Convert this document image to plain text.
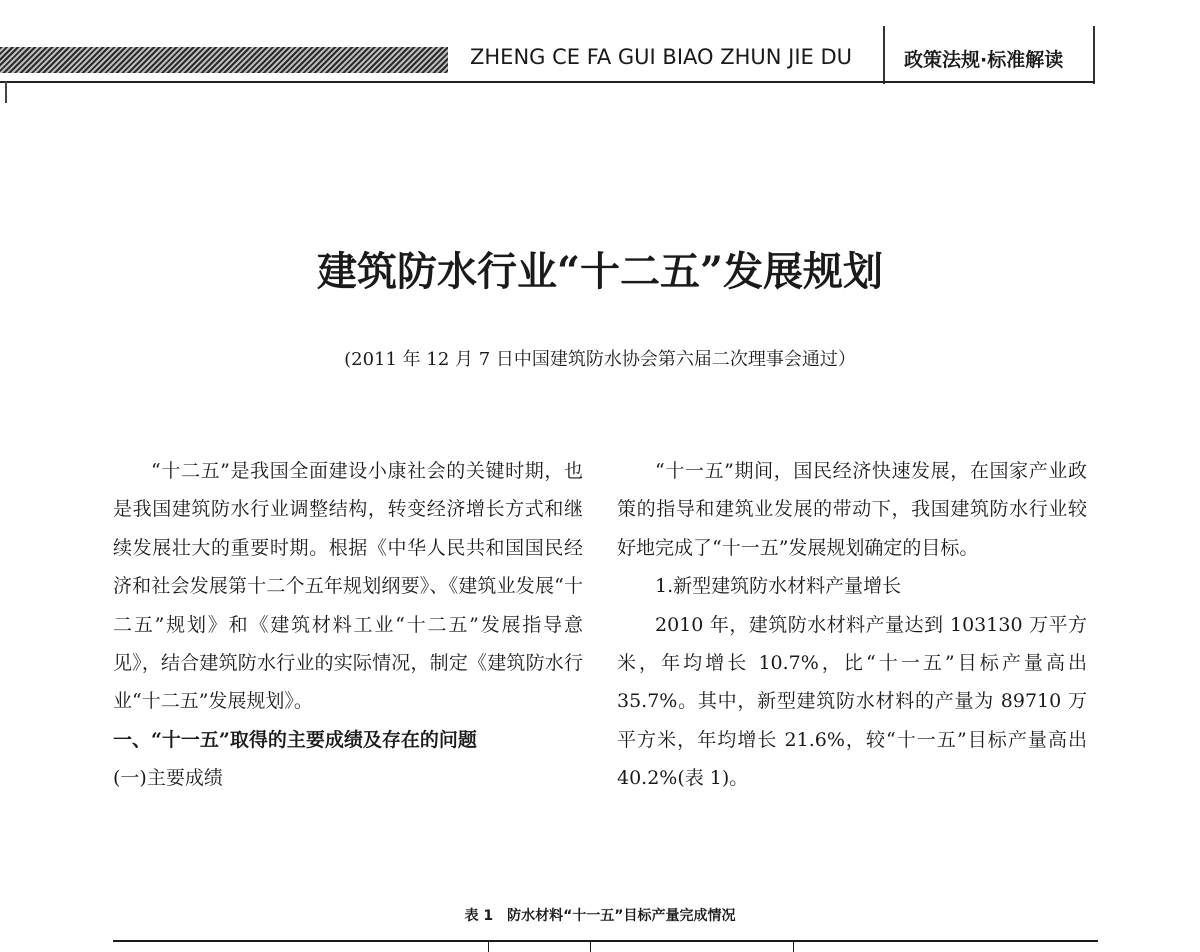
ZHENG CE FA GUI BIAO ZHUN JIE DU	政策法规·标准解读
建筑防水行业“十二五”发展规划
(2011 年 12 月 7 日中国建筑防水协会第六届二次理事会通过）

“十二五”是我国全面建设小康社会的关键时期，也是我国建筑防水行业调整结构，转变经济增长方式和继续发展壮大的重要时期。根据《中华人民共和国国民经济和社会发展第十二个五年规划纲要》、《建筑业发展“十二五”规划》和《建筑材料工业“十二五”发展指导意见》，结合建筑防水行业的实际情况，制定《建筑防水行业“十二五”发展规划》。

一、“十一五”取得的主要成绩及存在的问题

(一)主要成绩

“十一五”期间，国民经济快速发展，在国家产业政策的指导和建筑业发展的带动下，我国建筑防水行业较好地完成了“十一五”发展规划确定的目标。

1.新型建筑防水材料产量增长

2010 年，建筑防水材料产量达到 103130 万平方米，年均增长 10.7%，比“十一五”目标产量高出 35.7%。其中，新型建筑防水材料的产量为 89710 万平方米，年均增长 21.6%，较“十一五”目标产量高出 40.2%(表 1)。

表 1　防水材料“十一五”目标产量完成情况
